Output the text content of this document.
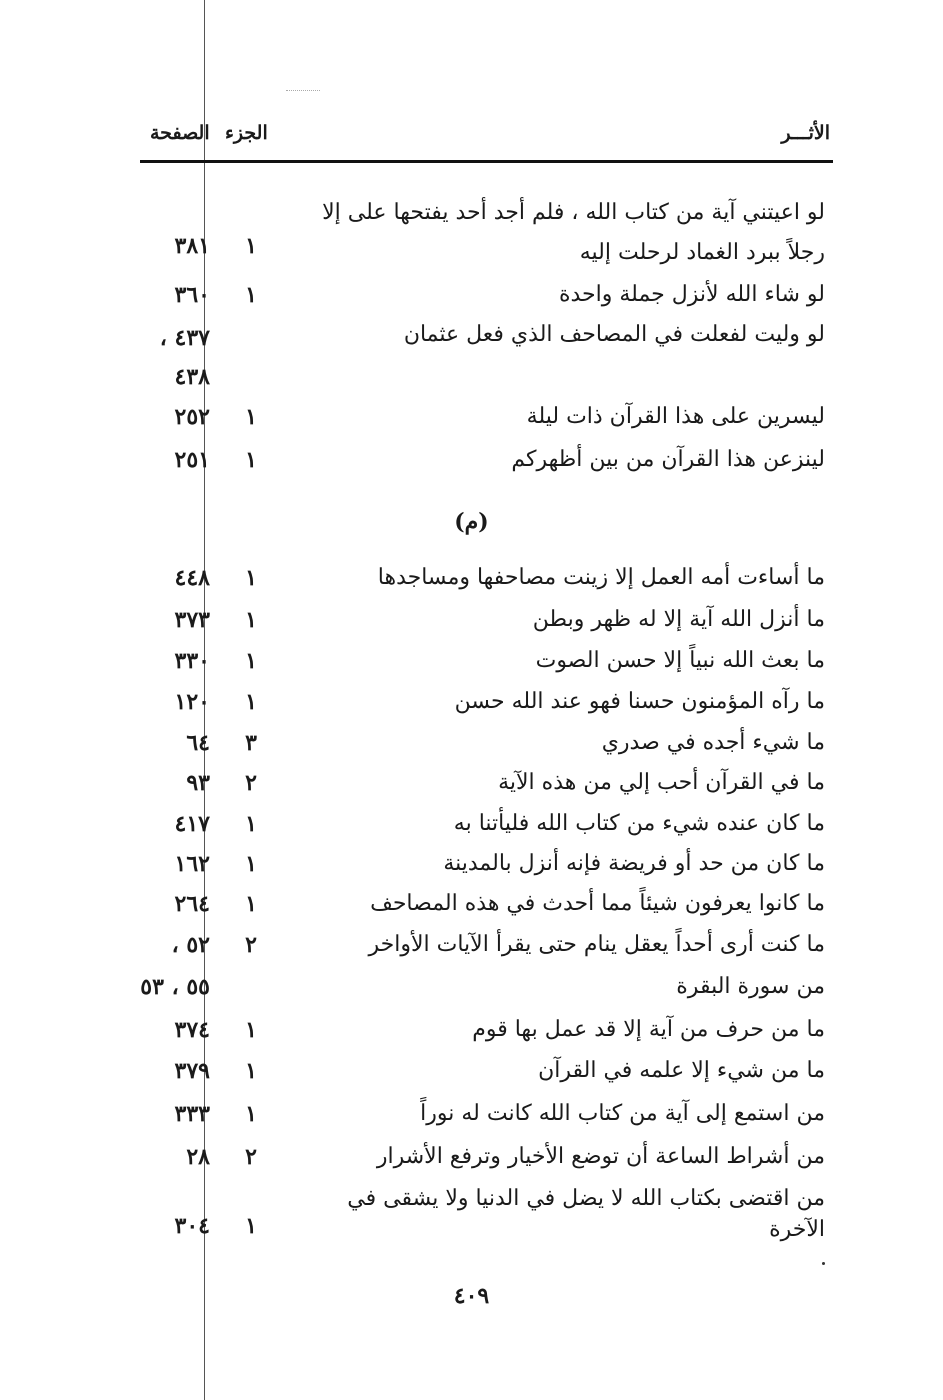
الأثـــر
الجزء
الصفحة
لو اعيتني آية من كتاب الله ، فلم أجد أحد يفتحها على إلا
رجلاً ببرد الغماد لرحلت إليه
١
٣٨١
لو شاء الله لأنزل جملة واحدة
١
٣٦٠
لو وليت لفعلت في المصاحف الذي فعل عثمان
٤٣٧ ،
٤٣٨
ليسرين على هذا القرآن ذات ليلة
١
٢٥٢
لينزعن هذا القرآن من بين أظهركم
١
٢٥١
(م)
ما أساءت أمه العمل إلا زينت مصاحفها ومساجدها
١
٤٤٨
ما أنزل الله آية إلا له ظهر وبطن
١
٣٧٣
ما بعث الله نبياً إلا حسن الصوت
١
٣٣٠
ما رآه المؤمنون حسنا فهو عند الله حسن
١
١٢٠
ما شيء أجده في صدري
٣
٦٤
ما في القرآن أحب إلي من هذه الآية
٢
٩٣
ما كان عنده شيء من كتاب الله فليأتنا به
١
٤١٧
ما كان من حد أو فريضة فإنه أنزل بالمدينة
١
١٦٢
ما كانوا يعرفون شيئاً مما أحدث في هذه المصاحف
١
٢٦٤
ما كنت أرى أحداً يعقل ينام حتى يقرأ الآيات الأواخر
٢
٥٢ ،
من سورة البقرة
٥٥ ، ٥٣
ما من حرف من آية إلا قد عمل بها قوم
١
٣٧٤
ما من شيء إلا علمه في القرآن
١
٣٧٩
من استمع إلى آية من كتاب الله كانت له نوراً
١
٣٣٣
من أشراط الساعة أن توضع الأخيار وترفع الأشرار
٢
٢٨
من اقتضى بكتاب الله لا يضل في الدنيا ولا يشقى في
الآخرة
١
٣٠٤
٤٠٩
